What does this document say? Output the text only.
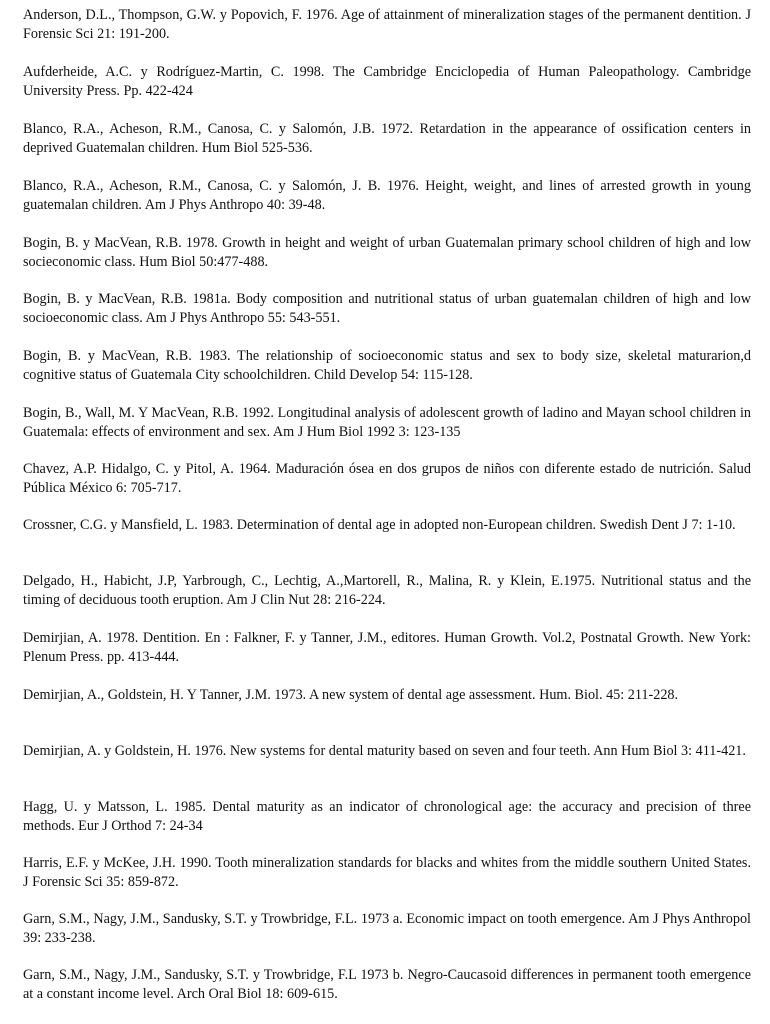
Anderson, D.L., Thompson, G.W. y Popovich, F. 1976. Age of attainment of mineralization stages of the permanent dentition. J Forensic Sci 21: 191-200.

Aufderheide, A.C. y Rodríguez-Martin, C. 1998. The Cambridge Enciclopedia of Human Paleopathology. Cambridge University Press. Pp. 422-424

Blanco, R.A., Acheson, R.M., Canosa, C. y Salomón, J.B. 1972. Retardation in the appearance of ossification centers in deprived Guatemalan children. Hum Biol 525-536.

Blanco, R.A., Acheson, R.M., Canosa, C. y Salomón, J. B. 1976. Height, weight, and lines of arrested growth in young guatemalan children. Am J Phys Anthropo 40: 39-48.

Bogin, B. y MacVean, R.B. 1978. Growth in height and weight of urban Guatemalan primary school children of high and low socieconomic class. Hum Biol 50:477-488.

Bogin, B. y MacVean, R.B. 1981a. Body composition and nutritional status of urban guatemalan children of high and low socioeconomic class. Am J Phys Anthropo 55: 543-551.

Bogin, B. y MacVean, R.B. 1983. The relationship of socioeconomic status and sex to body size, skeletal maturarion,d cognitive status of Guatemala City schoolchildren. Child Develop 54: 115-128.

Bogin, B., Wall, M. Y MacVean, R.B. 1992. Longitudinal analysis of adolescent growth of ladino and Mayan school children in Guatemala: effects of environment and sex. Am J Hum Biol 1992 3: 123-135

Chavez, A.P. Hidalgo, C. y Pitol, A. 1964. Maduración ósea en dos grupos de niños con diferente estado de nutrición. Salud Pública México 6: 705-717.

Crossner, C.G. y Mansfield, L. 1983. Determination of dental age in adopted non-European children. Swedish Dent J 7: 1-10.

Delgado, H., Habicht, J.P, Yarbrough, C., Lechtig, A.,Martorell, R., Malina, R. y Klein, E.1975. Nutritional status and the timing of deciduous tooth eruption. Am J Clin Nut 28: 216-224.

Demirjian, A. 1978. Dentition. En : Falkner, F. y Tanner, J.M., editores. Human Growth. Vol.2, Postnatal Growth. New York: Plenum Press. pp. 413-444.

Demirjian, A., Goldstein, H. Y Tanner, J.M. 1973. A new system of dental age assessment. Hum. Biol. 45: 211-228.

Demirjian, A. y Goldstein, H. 1976. New systems for dental maturity based on seven and four teeth. Ann Hum Biol 3: 411-421.

Hagg, U. y Matsson, L. 1985. Dental maturity as an indicator of chronological age: the accuracy and precision of three methods. Eur J Orthod 7: 24-34

Harris, E.F. y McKee, J.H. 1990. Tooth mineralization standards for blacks and whites from the middle southern United States. J Forensic Sci 35: 859-872.

Garn, S.M., Nagy, J.M., Sandusky, S.T. y Trowbridge, F.L. 1973 a. Economic impact on tooth emergence. Am J Phys Anthropol 39: 233-238.

Garn, S.M., Nagy, J.M., Sandusky, S.T. y Trowbridge, F.L 1973 b. Negro-Caucasoid differences in permanent tooth emergence at a constant income level. Arch Oral Biol 18: 609-615.
